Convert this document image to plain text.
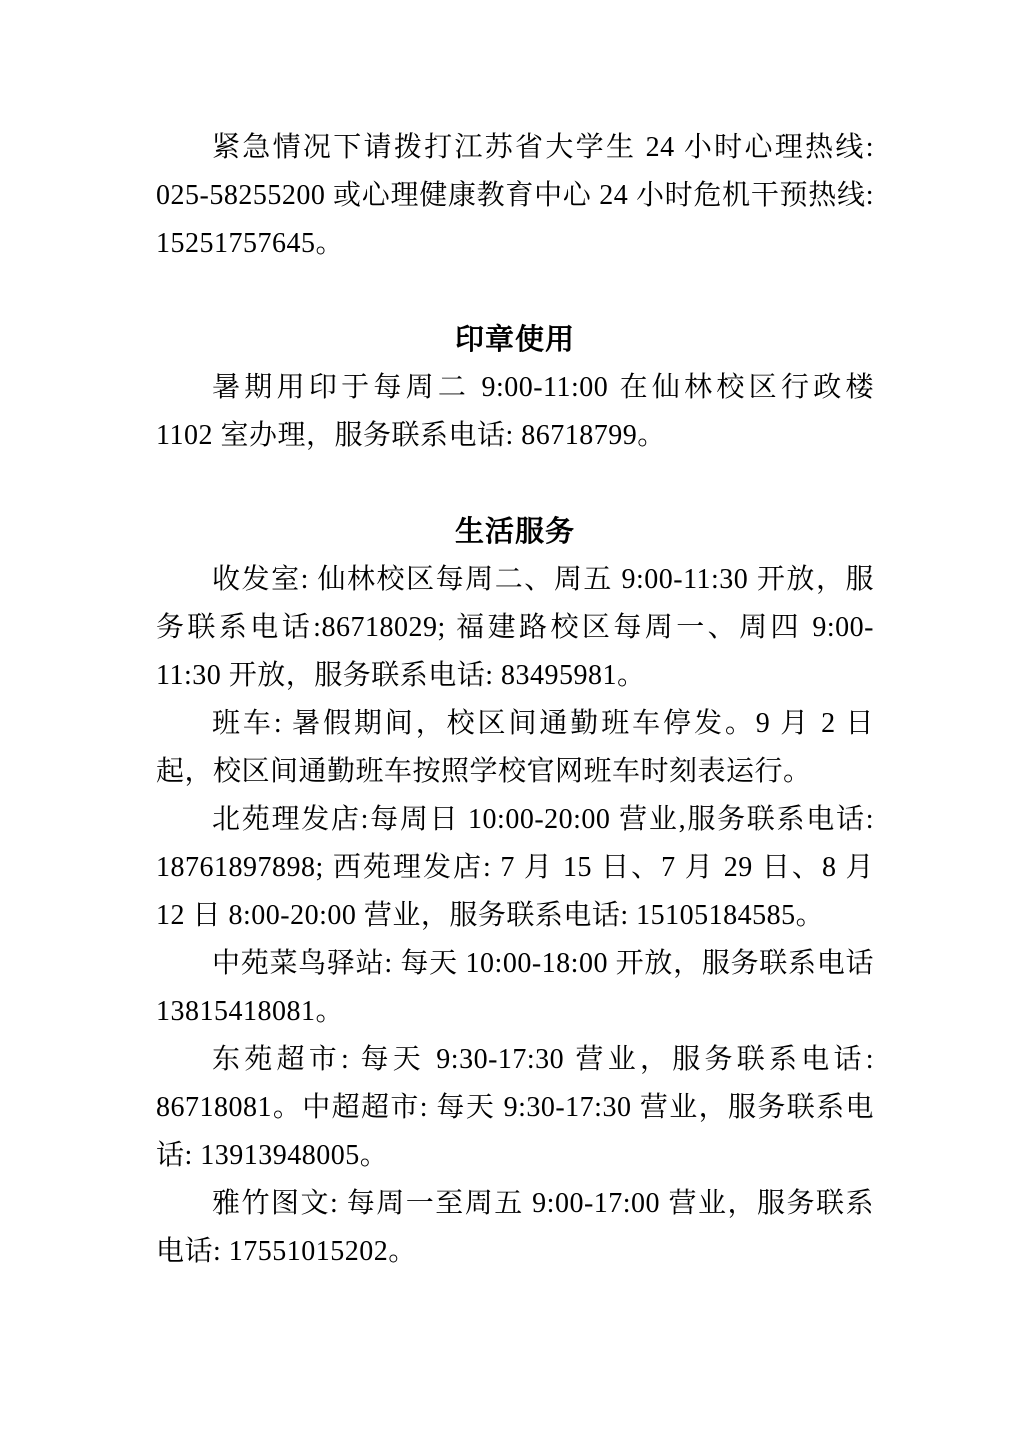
紧急情况下请拨打江苏省大学生 24 小时心理热线: 025-58255200 或心理健康教育中心 24 小时危机干预热线: 15251757645。

印章使用

暑期用印于每周二 9:00-11:00 在仙林校区行政楼 1102 室办理，服务联系电话: 86718799。

生活服务

收发室: 仙林校区每周二、周五 9:00-11:30 开放，服务联系电话:86718029; 福建路校区每周一、周四 9:00-11:30 开放，服务联系电话: 83495981。

班车: 暑假期间，校区间通勤班车停发。9 月 2 日起，校区间通勤班车按照学校官网班车时刻表运行。

北苑理发店:每周日 10:00-20:00 营业,服务联系电话: 18761897898; 西苑理发店: 7 月 15 日、7 月 29 日、8 月 12 日 8:00-20:00 营业，服务联系电话: 15105184585。

中苑菜鸟驿站: 每天 10:00-18:00 开放，服务联系电话 13815418081。

东苑超市: 每天 9:30-17:30 营业，服务联系电话: 86718081。中超超市: 每天 9:30-17:30 营业，服务联系电话: 13913948005。

雅竹图文: 每周一至周五 9:00-17:00 营业，服务联系电话: 17551015202。
